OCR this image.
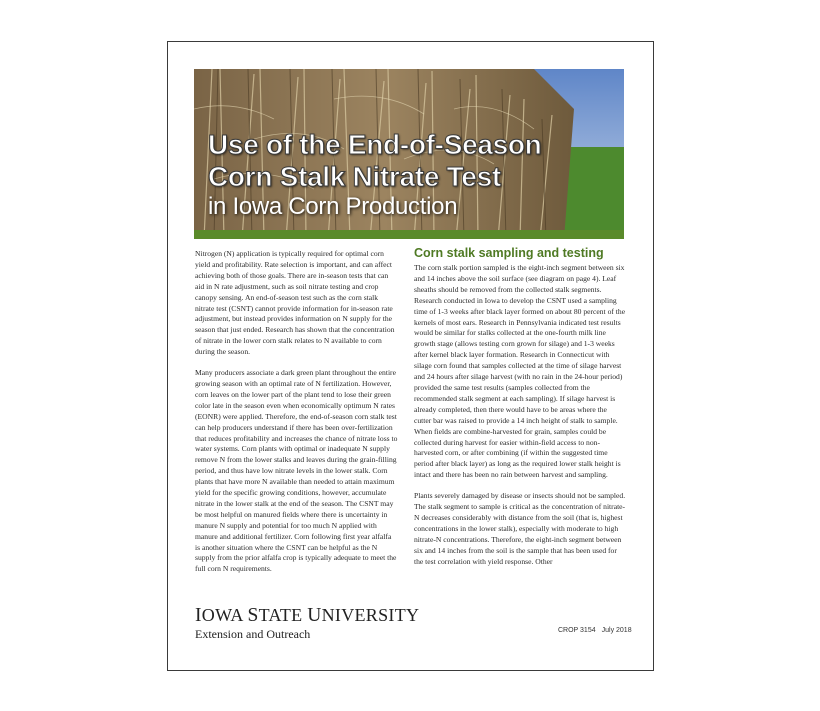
Use of the End-of-Season
Corn Stalk Nitrate Test
in Iowa Corn Production

Nitrogen (N) application is typically required for optimal corn yield and profitability. Rate selection is important, and can affect achieving both of those goals. There are in-season tests that can aid in N rate adjustment, such as soil nitrate testing and crop canopy sensing. An end-of-season test such as the corn stalk nitrate test (CSNT) cannot provide information for in-season rate adjustment, but instead provides information on N supply for the season that just ended. Research has shown that the concentration of nitrate in the lower corn stalk relates to N available to corn during the season.

Many producers associate a dark green plant throughout the entire growing season with an optimal rate of N fertilization. However, corn leaves on the lower part of the plant tend to lose their green color late in the season even when economically optimum N rates (EONR) were applied. Therefore, the end-of-season corn stalk test can help producers understand if there has been over-fertilization that reduces profitability and increases the chance of nitrate loss to water systems. Corn plants with optimal or inadequate N supply remove N from the lower stalks and leaves during the grain-filling period, and thus have low nitrate levels in the lower stalk. Corn plants that have more N available than needed to attain maximum yield for the specific growing conditions, however, accumulate nitrate in the lower stalk at the end of the season. The CSNT may be most helpful on manured fields where there is uncertainty in manure N supply and potential for too much N applied with manure and additional fertilizer. Corn following first year alfalfa is another situation where the CSNT can be helpful as the N supply from the prior alfalfa crop is typically adequate to meet the full corn N requirements.

Corn stalk sampling and testing

The corn stalk portion sampled is the eight-inch segment between six and 14 inches above the soil surface (see diagram on page 4). Leaf sheaths should be removed from the collected stalk segments. Research conducted in Iowa to develop the CSNT used a sampling time of 1-3 weeks after black layer formed on about 80 percent of the kernels of most ears. Research in Pennsylvania indicated test results would be similar for stalks collected at the one-fourth milk line growth stage (allows testing corn grown for silage) and 1-3 weeks after kernel black layer formation. Research in Connecticut with silage corn found that samples collected at the time of silage harvest and 24 hours after silage harvest (with no rain in the 24-hour period) provided the same test results (samples collected from the recommended stalk segment at each sampling). If silage harvest is already completed, then there would have to be areas where the cutter bar was raised to provide a 14 inch height of stalk to sample. When fields are combine-harvested for grain, samples could be collected during harvest for easier within-field access to non-harvested corn, or after combining (if within the suggested time period after black layer) as long as the required lower stalk height is intact and there has been no rain between harvest and sampling.

Plants severely damaged by disease or insects should not be sampled. The stalk segment to sample is critical as the concentration of nitrate-N decreases considerably with distance from the soil (that is, highest concentrations in the lower stalk), especially with moderate to high nitrate-N concentrations. Therefore, the eight-inch segment between six and 14 inches from the soil is the sample that has been used for the test correlation with yield response. Other

IOWA STATE UNIVERSITY
Extension and Outreach	CROP 3154 July 2018
